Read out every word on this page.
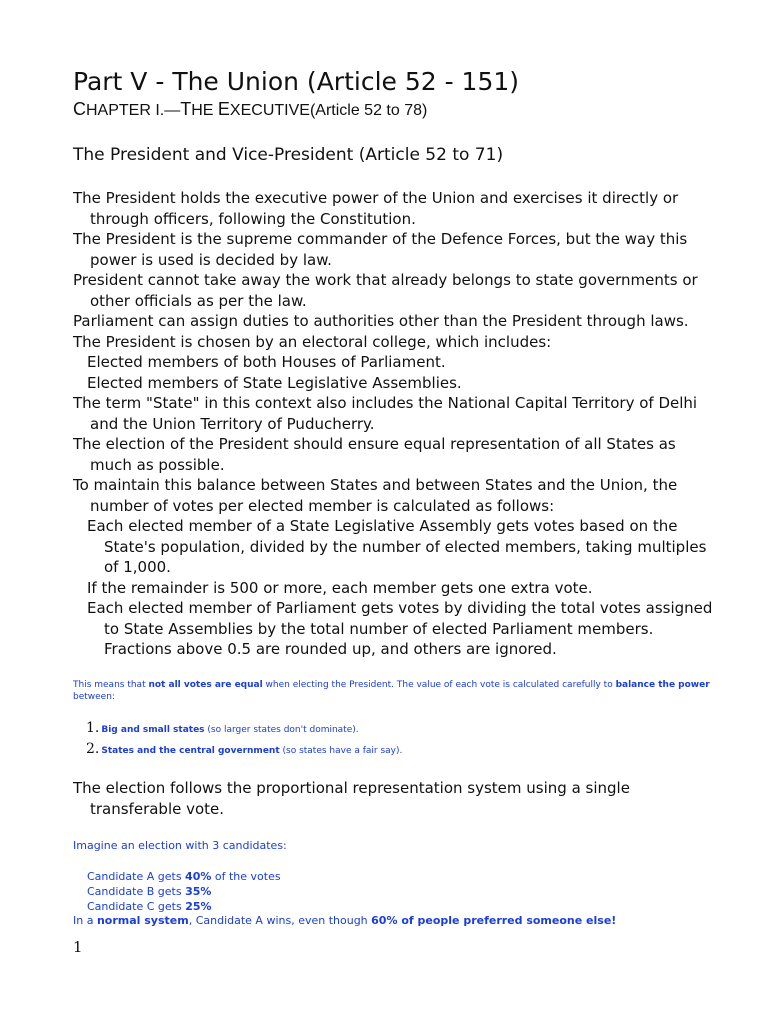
Part V - The Union (Article 52 - 151)
CHAPTER I.—THE EXECUTIVE(Article 52 to 78)
The President and Vice-President (Article 52 to 71)

The President holds the executive power of the Union and exercises it directly or through officers, following the Constitution.

The President is the supreme commander of the Defence Forces, but the way this power is used is decided by law.

President cannot take away the work that already belongs to state governments or other officials as per the law.

Parliament can assign duties to authorities other than the President through laws.

The President is chosen by an electoral college, which includes:

Elected members of both Houses of Parliament.

Elected members of State Legislative Assemblies.

The term "State" in this context also includes the National Capital Territory of Delhi and the Union Territory of Puducherry.

The election of the President should ensure equal representation of all States as much as possible.

To maintain this balance between States and between States and the Union, the number of votes per elected member is calculated as follows:

Each elected member of a State Legislative Assembly gets votes based on the State's population, divided by the number of elected members, taking multiples of 1,000.

If the remainder is 500 or more, each member gets one extra vote.

Each elected member of Parliament gets votes by dividing the total votes assigned to State Assemblies by the total number of elected Parliament members. Fractions above 0.5 are rounded up, and others are ignored.

This means that not all votes are equal when electing the President. The value of each vote is calculated carefully to balance the power between:
1. Big and small states (so larger states don't dominate).
2. States and the central government (so states have a fair say).

The election follows the proportional representation system using a single transferable vote.

Imagine an election with 3 candidates:
Candidate A gets 40% of the votes
Candidate B gets 35%
Candidate C gets 25%
In a normal system, Candidate A wins, even though 60% of people preferred someone else!
1
